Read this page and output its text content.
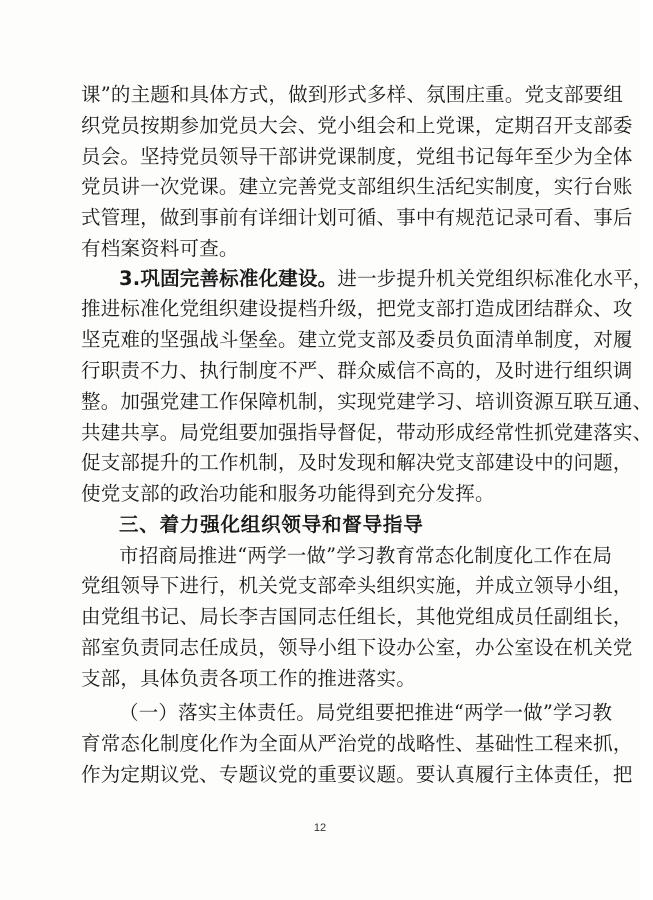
课”的主题和具体方式，做到形式多样、氛围庄重。党支部要组
织党员按期参加党员大会、党小组会和上党课，定期召开支部委
员会。坚持党员领导干部讲党课制度，党组书记每年至少为全体
党员讲一次党课。建立完善党支部组织生活纪实制度，实行台账
式管理，做到事前有详细计划可循、事中有规范记录可看、事后
有档案资料可查。
3.巩固完善标准化建设。进一步提升机关党组织标准化水平，
推进标准化党组织建设提档升级，把党支部打造成团结群众、攻
坚克难的坚强战斗堡垒。建立党支部及委员负面清单制度，对履
行职责不力、执行制度不严、群众威信不高的，及时进行组织调
整。加强党建工作保障机制，实现党建学习、培训资源互联互通、
共建共享。局党组要加强指导督促，带动形成经常性抓党建落实、
促支部提升的工作机制，及时发现和解决党支部建设中的问题，
使党支部的政治功能和服务功能得到充分发挥。
三、着力强化组织领导和督导指导
市招商局推进“两学一做”学习教育常态化制度化工作在局
党组领导下进行，机关党支部牵头组织实施，并成立领导小组，
由党组书记、局长李吉国同志任组长，其他党组成员任副组长，
部室负责同志任成员，领导小组下设办公室，办公室设在机关党
支部，具体负责各项工作的推进落实。
（一）落实主体责任。局党组要把推进“两学一做”学习教
育常态化制度化作为全面从严治党的战略性、基础性工程来抓，
作为定期议党、专题议党的重要议题。要认真履行主体责任，把
12
